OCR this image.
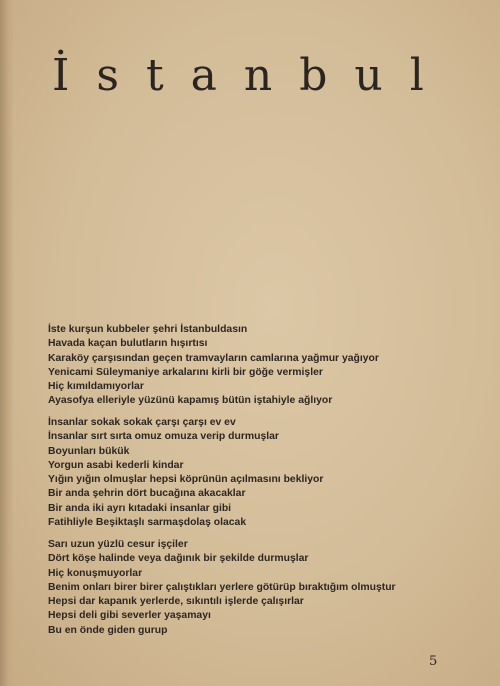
İstanbul
İste kurşun kubbeler şehri İstanbuldasın
Havada kaçan bulutların hışırtısı
Karaköy çarşısından geçen tramvayların camlarına yağmur yağıyor
Yenicami Süleymaniye arkalarını kirli bir göğe vermişler
Hiç kımıldamıyorlar
Ayasofya elleriyle yüzünü kapamış bütün iştahiyle ağlıyor
İnsanlar sokak sokak çarşı çarşı ev ev
İnsanlar sırt sırta omuz omuza verip durmuşlar
Boyunları bükük
Yorgun asabi kederli kindar
Yığın yığın olmuşlar hepsi köprünün açılmasını bekliyor
Bir anda şehrin dört bucağına akacaklar
Bir anda iki ayrı kıtadaki insanlar gibi
Fatihliyle Beşiktaşlı sarmaşdolaş olacak
Sarı uzun yüzlü cesur işçiler
Dört köşe halinde veya dağınık bir şekilde durmuşlar
Hiç konuşmuyorlar
Benim onları birer birer çalıştıkları yerlere götürüp bıraktığım olmuştur
Hepsi dar kapanık yerlerde, sıkıntılı işlerde çalışırlar
Hepsi deli gibi severler yaşamayı
Bu en önde giden gurup
5
